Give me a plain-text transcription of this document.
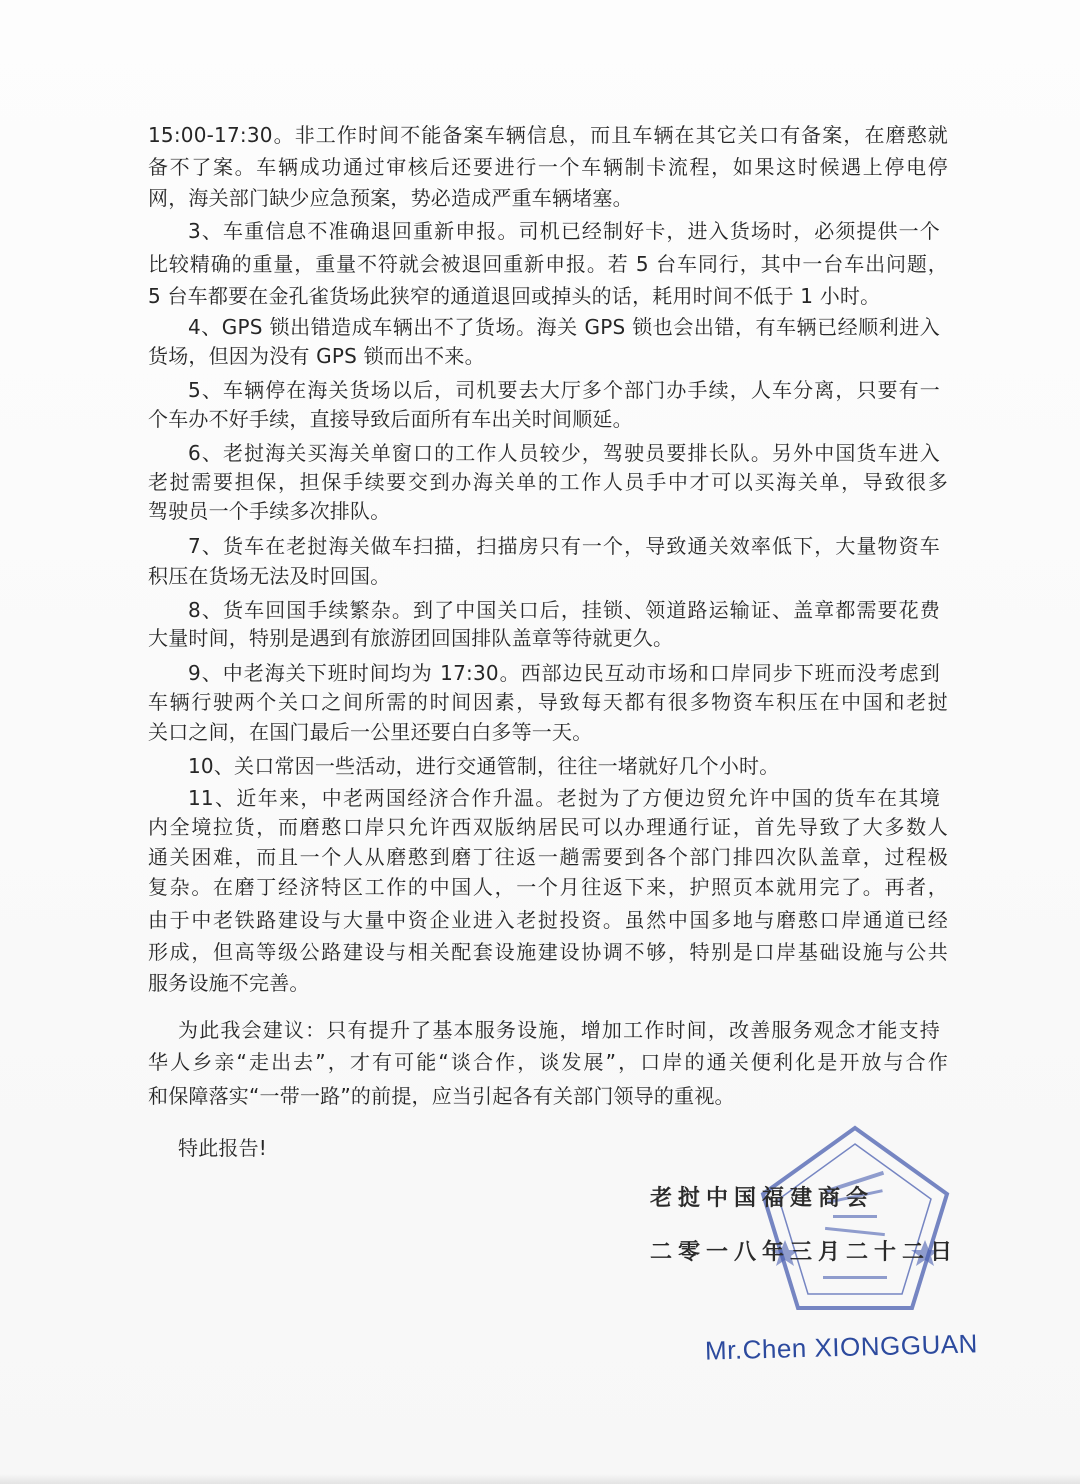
15:00-17:30。非工作时间不能备案车辆信息，而且车辆在其它关口有备案，在磨憨就
备不了案。车辆成功通过审核后还要进行一个车辆制卡流程，如果这时候遇上停电停
网，海关部门缺少应急预案，势必造成严重车辆堵塞。
3、车重信息不准确退回重新申报。司机已经制好卡，进入货场时，必须提供一个
比较精确的重量，重量不符就会被退回重新申报。若 5 台车同行，其中一台车出问题，
5 台车都要在金孔雀货场此狭窄的通道退回或掉头的话，耗用时间不低于 1 小时。
4、GPS 锁出错造成车辆出不了货场。海关 GPS 锁也会出错，有车辆已经顺利进入
货场，但因为没有 GPS 锁而出不来。
5、车辆停在海关货场以后，司机要去大厅多个部门办手续，人车分离，只要有一
个车办不好手续，直接导致后面所有车出关时间顺延。
6、老挝海关买海关单窗口的工作人员较少，驾驶员要排长队。另外中国货车进入
老挝需要担保，担保手续要交到办海关单的工作人员手中才可以买海关单，导致很多
驾驶员一个手续多次排队。
7、货车在老挝海关做车扫描，扫描房只有一个，导致通关效率低下，大量物资车
积压在货场无法及时回国。
8、货车回国手续繁杂。到了中国关口后，挂锁、领道路运输证、盖章都需要花费
大量时间，特别是遇到有旅游团回国排队盖章等待就更久。
9、中老海关下班时间均为 17:30。西部边民互动市场和口岸同步下班而没考虑到
车辆行驶两个关口之间所需的时间因素，导致每天都有很多物资车积压在中国和老挝
关口之间，在国门最后一公里还要白白多等一天。
10、关口常因一些活动，进行交通管制，往往一堵就好几个小时。
11、近年来，中老两国经济合作升温。老挝为了方便边贸允许中国的货车在其境
内全境拉货，而磨憨口岸只允许西双版纳居民可以办理通行证，首先导致了大多数人
通关困难，而且一个人从磨憨到磨丁往返一趟需要到各个部门排四次队盖章，过程极
复杂。在磨丁经济特区工作的中国人，一个月往返下来，护照页本就用完了。再者，
由于中老铁路建设与大量中资企业进入老挝投资。虽然中国多地与磨憨口岸通道已经
形成，但高等级公路建设与相关配套设施建设协调不够，特别是口岸基础设施与公共
服务设施不完善。
为此我会建议：只有提升了基本服务设施，增加工作时间，改善服务观念才能支持
华人乡亲“走出去”，才有可能“谈合作，谈发展”，口岸的通关便利化是开放与合作
和保障落实“一带一路”的前提，应当引起各有关部门领导的重视。
特此报告!
老挝中国福建商会
二零一八年三月二十二日
Mr.Chen XIONGGUAN
